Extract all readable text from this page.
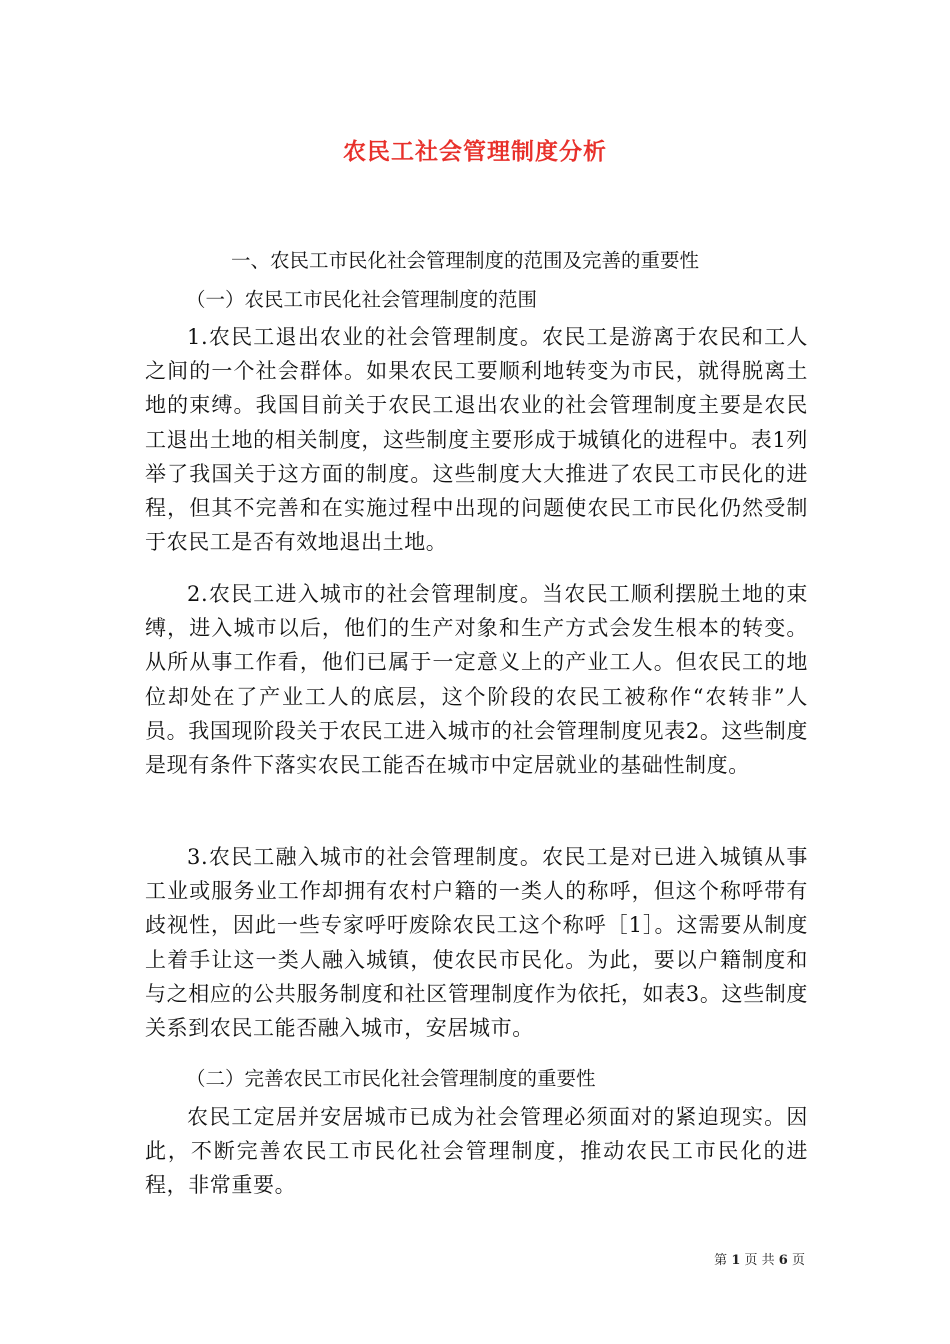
农民工社会管理制度分析
一、农民工市民化社会管理制度的范围及完善的重要性
（一）农民工市民化社会管理制度的范围

1.农民工退出农业的社会管理制度。农民工是游离于农民和工人之间的一个社会群体。如果农民工要顺利地转变为市民，就得脱离土地的束缚。我国目前关于农民工退出农业的社会管理制度主要是农民工退出土地的相关制度，这些制度主要形成于城镇化的进程中。表1列举了我国关于这方面的制度。这些制度大大推进了农民工市民化的进程，但其不完善和在实施过程中出现的问题使农民工市民化仍然受制于农民工是否有效地退出土地。

2.农民工进入城市的社会管理制度。当农民工顺利摆脱土地的束缚，进入城市以后，他们的生产对象和生产方式会发生根本的转变。从所从事工作看，他们已属于一定意义上的产业工人。但农民工的地位却处在了产业工人的底层，这个阶段的农民工被称作“农转非”人员。我国现阶段关于农民工进入城市的社会管理制度见表2。这些制度是现有条件下落实农民工能否在城市中定居就业的基础性制度。

3.农民工融入城市的社会管理制度。农民工是对已进入城镇从事工业或服务业工作却拥有农村户籍的一类人的称呼，但这个称呼带有歧视性，因此一些专家呼吁废除农民工这个称呼［1］。这需要从制度上着手让这一类人融入城镇，使农民市民化。为此，要以户籍制度和与之相应的公共服务制度和社区管理制度作为依托，如表3。这些制度关系到农民工能否融入城市，安居城市。

（二）完善农民工市民化社会管理制度的重要性

农民工定居并安居城市已成为社会管理必须面对的紧迫现实。因此，不断完善农民工市民化社会管理制度，推动农民工市民化的进程，非常重要。

第 1 页 共 6 页
